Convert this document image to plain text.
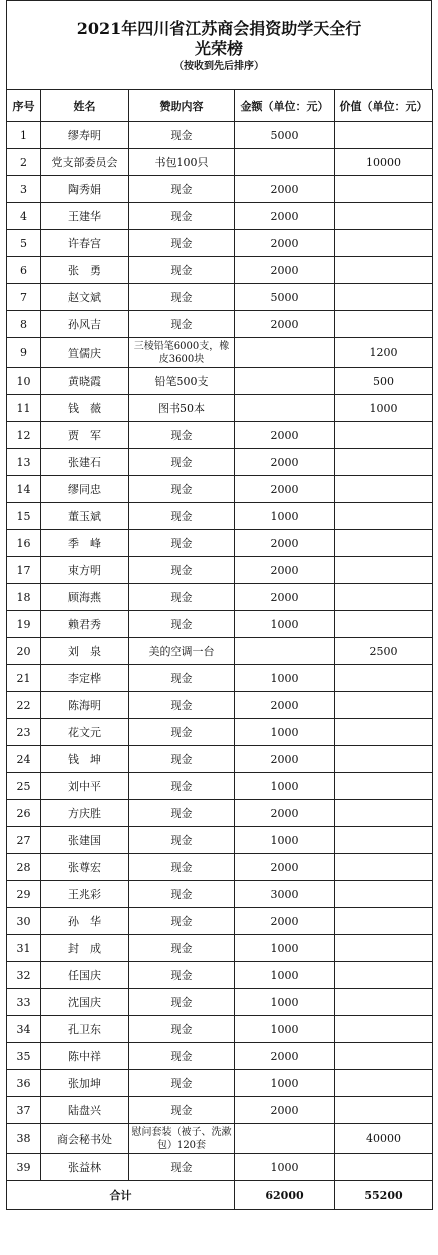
2021年四川省江苏商会捐资助学天全行
光荣榜
（按收到先后排序）
序号	姓名	赞助内容	金额（单位：元）	价值（单位：元）
1	缪寿明	现金	5000	
2	党支部委员会	书包100只		10000
3	陶秀娟	现金	2000	
4	王建华	现金	2000	
5	许春宫	现金	2000	
6	张　勇	现金	2000	
7	赵文斌	现金	5000	
8	孙风吉	现金	2000	
9	笪儒庆	三棱铅笔6000支，橡皮3600块		1200
10	黄晓霞	铅笔500支		500
11	钱　薇	图书50本		1000
12	贾　军	现金	2000	
13	张建石	现金	2000	
14	缪同忠	现金	2000	
15	董玉斌	现金	1000	
16	季　峰	现金	2000	
17	束方明	现金	2000	
18	顾海燕	现金	2000	
19	赖君秀	现金	1000	
20	刘　泉	美的空调一台		2500
21	李定桦	现金	1000	
22	陈海明	现金	2000	
23	花文元	现金	1000	
24	钱　坤	现金	2000	
25	刘中平	现金	1000	
26	方庆胜	现金	2000	
27	张建国	现金	1000	
28	张尊宏	现金	2000	
29	王兆彩	现金	3000	
30	孙　华	现金	2000	
31	封　成	现金	1000	
32	任国庆	现金	1000	
33	沈国庆	现金	1000	
34	孔卫东	现金	1000	
35	陈中祥	现金	2000	
36	张加坤	现金	1000	
37	陆盘兴	现金	2000	
38	商会秘书处	慰问套装（被子、洗漱包）120套		40000
39	张益林	现金	1000	
合计			62000	55200
